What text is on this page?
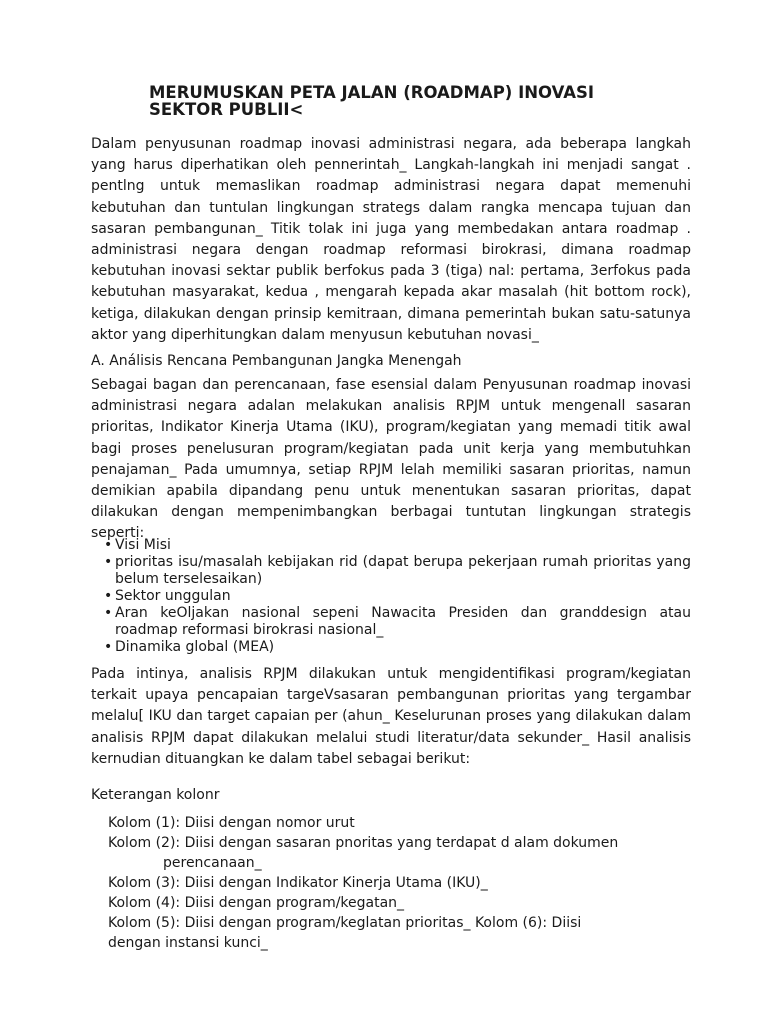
MERUMUSKAN PETA JALAN (ROADMAP) INOVASI SEKTOR PUBLII<

Dalam penyusunan roadmap inovasi administrasi negara, ada beberapa langkah yang harus diperhatikan oleh pennerintah_ Langkah-langkah ini menjadi sangat . pentlng untuk memaslikan roadmap administrasi negara dapat memenuhi kebutuhan dan tuntulan lingkungan strategs dalam rangka mencapa tujuan dan sasaran pembangunan_ Titik tolak ini juga yang membedakan antara roadmap . administrasi negara dengan roadmap reformasi birokrasi, dimana roadmap kebutuhan inovasi sektar publik berfokus pada 3 (tiga) nal: pertama, 3erfokus pada kebutuhan masyarakat, kedua , mengarah kepada akar masalah (hit bottom rock), ketiga, dilakukan dengan prinsip kemitraan, dimana pemerintah bukan satu-satunya aktor yang diperhitungkan dalam menyusun kebutuhan novasi_

A. Análisis Rencana Pembangunan Jangka Menengah

Sebagai bagan dan perencanaan, fase esensial dalam Penyusunan roadmap inovasi administrasi negara adalan melakukan analisis RPJM untuk mengenall sasaran prioritas, Indikator Kinerja Utama (IKU), program/kegiatan yang memadi titik awal bagi proses penelusuran program/kegiatan pada unit kerja yang membutuhkan penajaman_ Pada umumnya, setiap RPJM lelah memiliki sasaran prioritas, namun demikian apabila dipandang penu untuk menentukan sasaran prioritas, dapat dilakukan dengan mempenimbangkan berbagai tuntutan lingkungan strategis seperti:

• Visi Misi
• prioritas isu/masalah kebijakan rid (dapat berupa pekerjaan rumah prioritas yang belum terselesaikan)
• Sektor unggulan
• Aran keOljakan nasional sepeni Nawacita Presiden dan granddesign atau roadmap reformasi birokrasi nasional_
• Dinamika global (MEA)

Pada intinya, analisis RPJM dilakukan untuk mengidentifikasi program/kegiatan terkait upaya pencapaian targeVsasaran pembangunan prioritas yang tergambar melalu[ IKU dan target capaian per (ahun_ Keselurunan proses yang dilakukan dalam analisis RPJM dapat dilakukan melalui studi literatur/data sekunder_ Hasil analisis kernudian dituangkan ke dalam tabel sebagai berikut:

Keterangan kolonr

Kolom (1): Diisi dengan nomor urut

Kolom (2): Diisi dengan sasaran pnoritas yang terdapat d alam dokumen

perencanaan_

Kolom (3): Diisi dengan Indikator Kinerja Utama (IKU)_

Kolom (4): Diisi dengan program/kegatan_

Kolom (5): Diisi dengan program/keglatan prioritas_ Kolom (6): Diisi

dengan instansi kunci_
